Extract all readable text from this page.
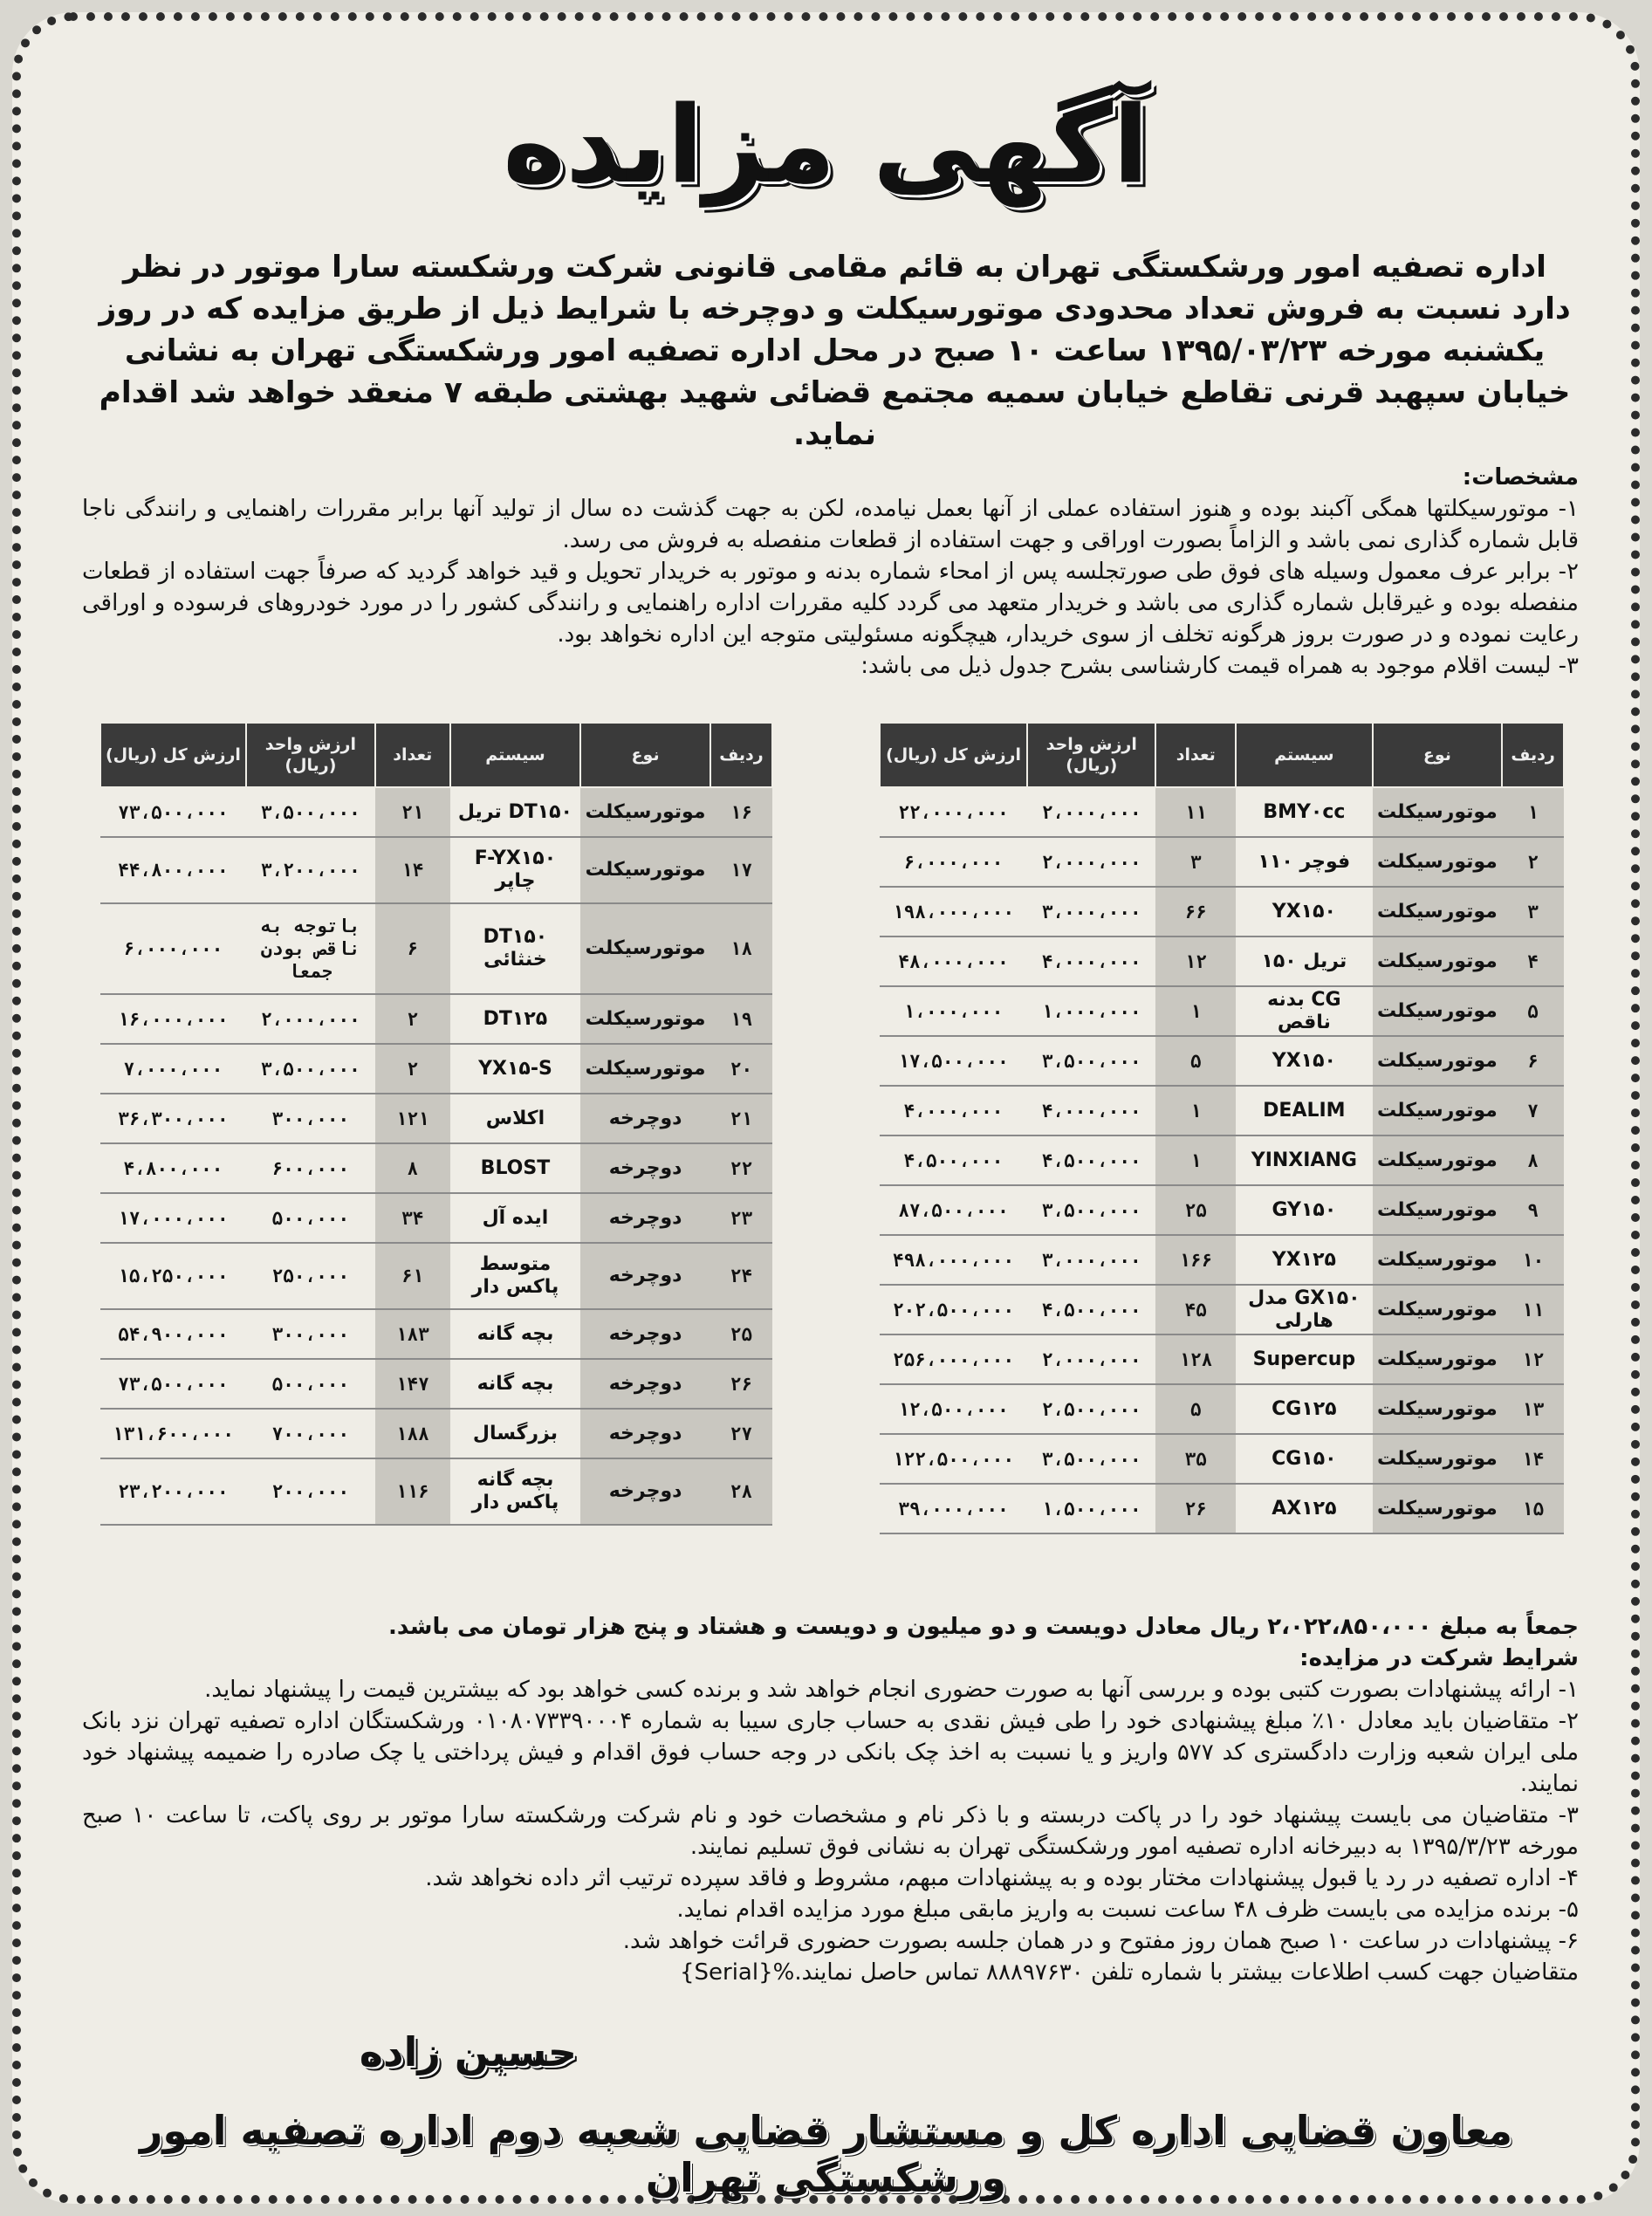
آگهی مزایده
اداره تصفیه امور ورشکستگی تهران به قائم مقامی قانونی شرکت ورشکسته سارا موتور در نظر دارد نسبت به فروش تعداد محدودی موتورسیکلت و دوچرخه با شرایط ذیل از طریق مزایده که در روز یکشنبه مورخه ۱۳۹۵/۰۳/۲۳ ساعت ۱۰ صبح در محل اداره تصفیه امور ورشکستگی تهران به نشانی خیابان سپهبد قرنی تقاطع خیابان سمیه مجتمع قضائی شهید بهشتی طبقه ۷ منعقد خواهد شد اقدام نماید.

مشخصات:

۱- موتورسیکلتها همگی آکبند بوده و هنوز استفاده عملی از آنها بعمل نیامده، لکن به جهت گذشت ده سال از تولید آنها برابر مقررات راهنمایی و رانندگی ناجا قابل شماره گذاری نمی باشد و الزاماً بصورت اوراقی و جهت استفاده از قطعات منفصله به فروش می رسد.

۲- برابر عرف معمول وسیله های فوق طی صورتجلسه پس از امحاء شماره بدنه و موتور به خریدار تحویل و قید خواهد گردید که صرفاً جهت استفاده از قطعات منفصله بوده و غیرقابل شماره گذاری می باشد و خریدار متعهد می گردد کلیه مقررات اداره راهنمایی و رانندگی کشور را در مورد خودروهای فرسوده و اوراقی رعایت نموده و در صورت بروز هرگونه تخلف از سوی خریدار، هیچگونه مسئولیتی متوجه این اداره نخواهد بود.

۳- لیست اقلام موجود به همراه قیمت کارشناسی بشرح جدول ذیل می باشد:

ردیف	نوع	سیستم	تعداد	ارزش واحد (ریال)	ارزش کل (ریال)
۱	موتورسیکلت	BMY۰cc	۱۱	۲،۰۰۰،۰۰۰	۲۲،۰۰۰،۰۰۰
۲	موتورسیکلت	فوچر ۱۱۰	۳	۲،۰۰۰،۰۰۰	۶،۰۰۰،۰۰۰
۳	موتورسیکلت	YX۱۵۰	۶۶	۳،۰۰۰،۰۰۰	۱۹۸،۰۰۰،۰۰۰
۴	موتورسیکلت	تریل ۱۵۰	۱۲	۴،۰۰۰،۰۰۰	۴۸،۰۰۰،۰۰۰
۵	موتورسیکلت	CG بدنه ناقص	۱	۱،۰۰۰،۰۰۰	۱،۰۰۰،۰۰۰
۶	موتورسیکلت	YX۱۵۰	۵	۳،۵۰۰،۰۰۰	۱۷،۵۰۰،۰۰۰
۷	موتورسیکلت	DEALIM	۱	۴،۰۰۰،۰۰۰	۴،۰۰۰،۰۰۰
۸	موتورسیکلت	YINXIANG	۱	۴،۵۰۰،۰۰۰	۴،۵۰۰،۰۰۰
۹	موتورسیکلت	GY۱۵۰	۲۵	۳،۵۰۰،۰۰۰	۸۷،۵۰۰،۰۰۰
۱۰	موتورسیکلت	YX۱۲۵	۱۶۶	۳،۰۰۰،۰۰۰	۴۹۸،۰۰۰،۰۰۰
۱۱	موتورسیکلت	GX۱۵۰ مدل هارلی	۴۵	۴،۵۰۰،۰۰۰	۲۰۲،۵۰۰،۰۰۰
۱۲	موتورسیکلت	Supercup	۱۲۸	۲،۰۰۰،۰۰۰	۲۵۶،۰۰۰،۰۰۰
۱۳	موتورسیکلت	CG۱۲۵	۵	۲،۵۰۰،۰۰۰	۱۲،۵۰۰،۰۰۰
۱۴	موتورسیکلت	CG۱۵۰	۳۵	۳،۵۰۰،۰۰۰	۱۲۲،۵۰۰،۰۰۰
۱۵	موتورسیکلت	AX۱۲۵	۲۶	۱،۵۰۰،۰۰۰	۳۹،۰۰۰،۰۰۰
ردیف	نوع	سیستم	تعداد	ارزش واحد (ریال)	ارزش کل (ریال)
۱۶	موتورسیکلت	DT۱۵۰ تریل	۲۱	۳،۵۰۰،۰۰۰	۷۳،۵۰۰،۰۰۰
۱۷	موتورسیکلت	F-YX۱۵۰ چاپر	۱۴	۳،۲۰۰،۰۰۰	۴۴،۸۰۰،۰۰۰
۱۸	موتورسیکلت	DT۱۵۰ خنثائی	۶	باتوجه به ناقص بودن جمعا	۶،۰۰۰،۰۰۰
۱۹	موتورسیکلت	DT۱۲۵	۲	۲،۰۰۰،۰۰۰	۱۶،۰۰۰،۰۰۰
۲۰	موتورسیکلت	YX۱۵-S	۲	۳،۵۰۰،۰۰۰	۷،۰۰۰،۰۰۰
۲۱	دوچرخه	اکلاس	۱۲۱	۳۰۰،۰۰۰	۳۶،۳۰۰،۰۰۰
۲۲	دوچرخه	BLOST	۸	۶۰۰،۰۰۰	۴،۸۰۰،۰۰۰
۲۳	دوچرخه	ایده آل	۳۴	۵۰۰،۰۰۰	۱۷،۰۰۰،۰۰۰
۲۴	دوچرخه	متوسط پاکس دار	۶۱	۲۵۰،۰۰۰	۱۵،۲۵۰،۰۰۰
۲۵	دوچرخه	بچه گانه	۱۸۳	۳۰۰،۰۰۰	۵۴،۹۰۰،۰۰۰
۲۶	دوچرخه	بچه گانه	۱۴۷	۵۰۰،۰۰۰	۷۳،۵۰۰،۰۰۰
۲۷	دوچرخه	بزرگسال	۱۸۸	۷۰۰،۰۰۰	۱۳۱،۶۰۰،۰۰۰
۲۸	دوچرخه	بچه گانه پاکس دار	۱۱۶	۲۰۰،۰۰۰	۲۳،۲۰۰،۰۰۰

جمعاً به مبلغ ۲،۰۲۲،۸۵۰،۰۰۰ ریال معادل دویست و دو میلیون و دویست و هشتاد و پنج هزار تومان می باشد.

شرایط شرکت در مزایده:

۱- ارائه پیشنهادات بصورت کتبی بوده و بررسی آنها به صورت حضوری انجام خواهد شد و برنده کسی خواهد بود که بیشترین قیمت را پیشنهاد نماید.

۲- متقاضیان باید معادل ۱۰٪ مبلغ پیشنهادی خود را طی فیش نقدی به حساب جاری سیبا به شماره ۰۱۰۸۰۷۳۳۹۰۰۰۴ ورشکستگان اداره تصفیه تهران نزد بانک ملی ایران شعبه وزارت دادگستری کد ۵۷۷ واریز و یا نسبت به اخذ چک بانکی در وجه حساب فوق اقدام و فیش پرداختی یا چک صادره را ضمیمه پیشنهاد خود نمایند.

۳- متقاضیان می بایست پیشنهاد خود را در پاکت دربسته و با ذکر نام و مشخصات خود و نام شرکت ورشکسته سارا موتور بر روی پاکت، تا ساعت ۱۰ صبح مورخه ۱۳۹۵/۳/۲۳ به دبیرخانه اداره تصفیه امور ورشکستگی تهران به نشانی فوق تسلیم نمایند.

۴- اداره تصفیه در رد یا قبول پیشنهادات مختار بوده و به پیشنهادات مبهم، مشروط و فاقد سپرده ترتیب اثر داده نخواهد شد.

۵- برنده مزایده می بایست ظرف ۴۸ ساعت نسبت به واریز مابقی مبلغ مورد مزایده اقدام نماید.

۶- پیشنهادات در ساعت ۱۰ صبح همان روز مفتوح و در همان جلسه بصورت حضوری قرائت خواهد شد.

متقاضیان جهت کسب اطلاعات بیشتر با شماره تلفن ۸۸۸۹۷۶۳۰ تماس حاصل نمایند.%{Serial}

حسین زاده
معاون قضایی اداره کل و مستشار قضایی شعبه دوم اداره تصفیه امور ورشکستگی تهران
